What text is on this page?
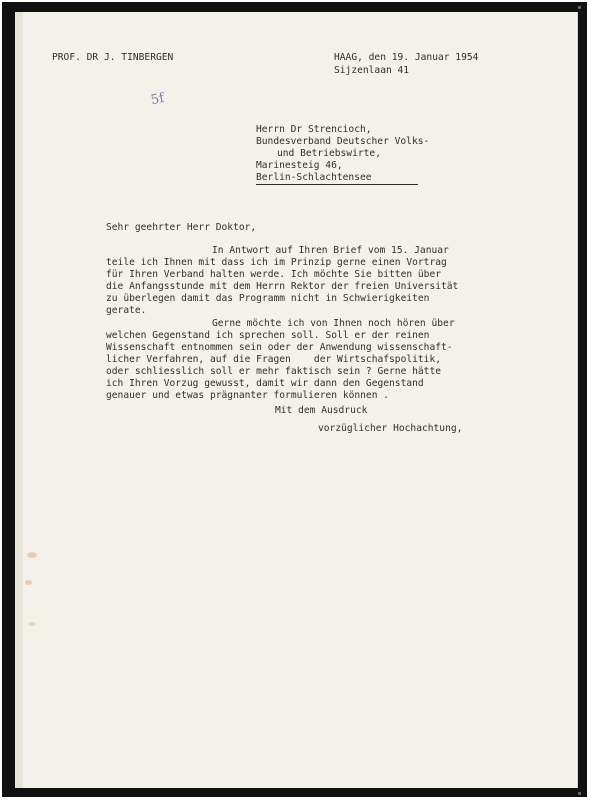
PROF. DR J. TINBERGEN	HAAG, den 19. Januar 1954

Sijzenlaan 41

5f

Herrn Dr Strencioch,

Bundesverband Deutscher Volks-

und Betriebswirte,

Marinesteig 46,

Berlin-Schlachtensee

Sehr geehrter Herr Doktor,

In Antwort auf Ihren Brief vom 15. Januar

teile ich Ihnen mit dass ich im Prinzip gerne einen Vortrag

für Ihren Verband halten werde. Ich möchte Sie bitten über

die Anfangsstunde mit dem Herrn Rektor der freien Universität

zu überlegen damit das Programm nicht in Schwierigkeiten

gerate.

Gerne möchte ich von Ihnen noch hören über

welchen Gegenstand ich sprechen soll. Soll er der reinen

Wissenschaft entnommen sein oder der Anwendung wissenschaft-

licher Verfahren, auf die Fragen    der Wirtschafspolitik,

oder schliesslich soll er mehr faktisch sein ? Gerne hätte

ich Ihren Vorzug gewusst, damit wir dann den Gegenstand

genauer und etwas prägnanter formulieren können .

Mit dem Ausdruck

vorzüglicher Hochachtung,
